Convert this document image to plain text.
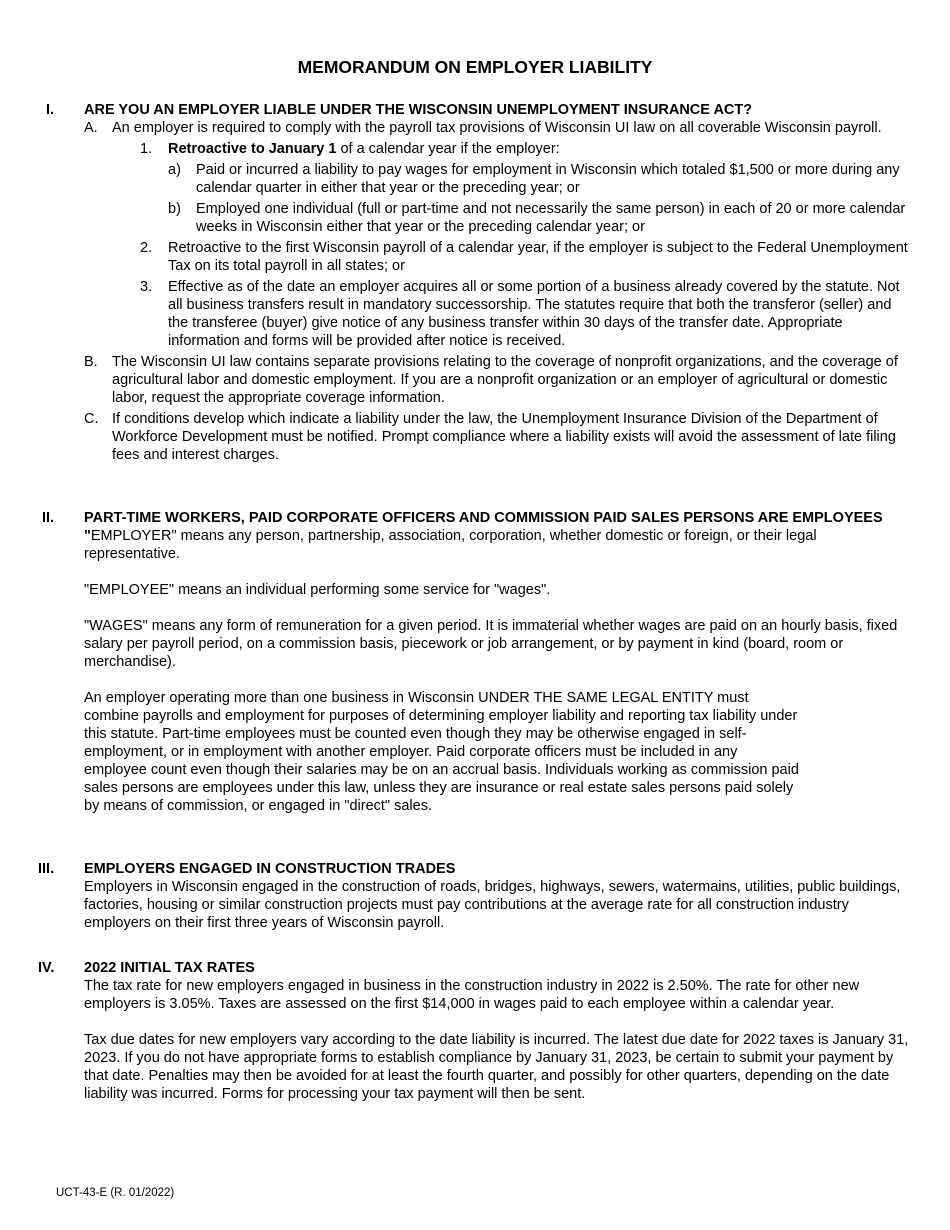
MEMORANDUM ON EMPLOYER LIABILITY
I.	ARE YOU AN EMPLOYER LIABLE UNDER THE WISCONSIN UNEMPLOYMENT INSURANCE ACT?
A. An employer is required to comply with the payroll tax provisions of Wisconsin UI law on all coverable Wisconsin payroll.
1.	Retroactive to January 1 of a calendar year if the employer:
a)	Paid or incurred a liability to pay wages for employment in Wisconsin which totaled $1,500 or more during any calendar quarter in either that year or the preceding year; or
b)	Employed one individual (full or part-time and not necessarily the same person) in each of 20 or more calendar weeks in Wisconsin either that year or the preceding calendar year; or
2.	Retroactive to the first Wisconsin payroll of a calendar year, if the employer is subject to the Federal Unemployment Tax on its total payroll in all states; or
3.	Effective as of the date an employer acquires all or some portion of a business already covered by the statute. Not all business transfers result in mandatory successorship. The statutes require that both the transferor (seller) and the transferee (buyer) give notice of any business transfer within 30 days of the transfer date. Appropriate information and forms will be provided after notice is received.
B. The Wisconsin UI law contains separate provisions relating to the coverage of nonprofit organizations, and the coverage of agricultural labor and domestic employment. If you are a nonprofit organization or an employer of agricultural or domestic labor, request the appropriate coverage information.
C. If conditions develop which indicate a liability under the law, the Unemployment Insurance Division of the Department of Workforce Development must be notified. Prompt compliance where a liability exists will avoid the assessment of late filing fees and interest charges.
II.	PART-TIME WORKERS, PAID CORPORATE OFFICERS AND COMMISSION PAID SALES PERSONS ARE EMPLOYEES

"EMPLOYER" means any person, partnership, association, corporation, whether domestic or foreign, or their legal representative.

"EMPLOYEE" means an individual performing some service for "wages".

"WAGES" means any form of remuneration for a given period. It is immaterial whether wages are paid on an hourly basis, fixed salary per payroll period, on a commission basis, piecework or job arrangement, or by payment in kind (board, room or merchandise).

An employer operating more than one business in Wisconsin UNDER THE SAME LEGAL ENTITY must combine payrolls and employment for purposes of determining employer liability and reporting tax liability under this statute. Part-time employees must be counted even though they may be otherwise engaged in self-employment, or in employment with another employer. Paid corporate officers must be included in any employee count even though their salaries may be on an accrual basis. Individuals working as commission paid sales persons are employees under this law, unless they are insurance or real estate sales persons paid solely by means of commission, or engaged in "direct" sales.

III.	EMPLOYERS ENGAGED IN CONSTRUCTION TRADES

Employers in Wisconsin engaged in the construction of roads, bridges, highways, sewers, watermains, utilities, public buildings, factories, housing or similar construction projects must pay contributions at the average rate for all construction industry employers on their first three years of Wisconsin payroll.

IV.	2022 INITIAL TAX RATES

The tax rate for new employers engaged in business in the construction industry in 2022 is 2.50%. The rate for other new employers is 3.05%. Taxes are assessed on the first $14,000 in wages paid to each employee within a calendar year.

Tax due dates for new employers vary according to the date liability is incurred. The latest due date for 2022 taxes is January 31, 2023. If you do not have appropriate forms to establish compliance by January 31, 2023, be certain to submit your payment by that date. Penalties may then be avoided for at least the fourth quarter, and possibly for other quarters, depending on the date liability was incurred. Forms for processing your tax payment will then be sent.

UCT-43-E (R. 01/2022)
